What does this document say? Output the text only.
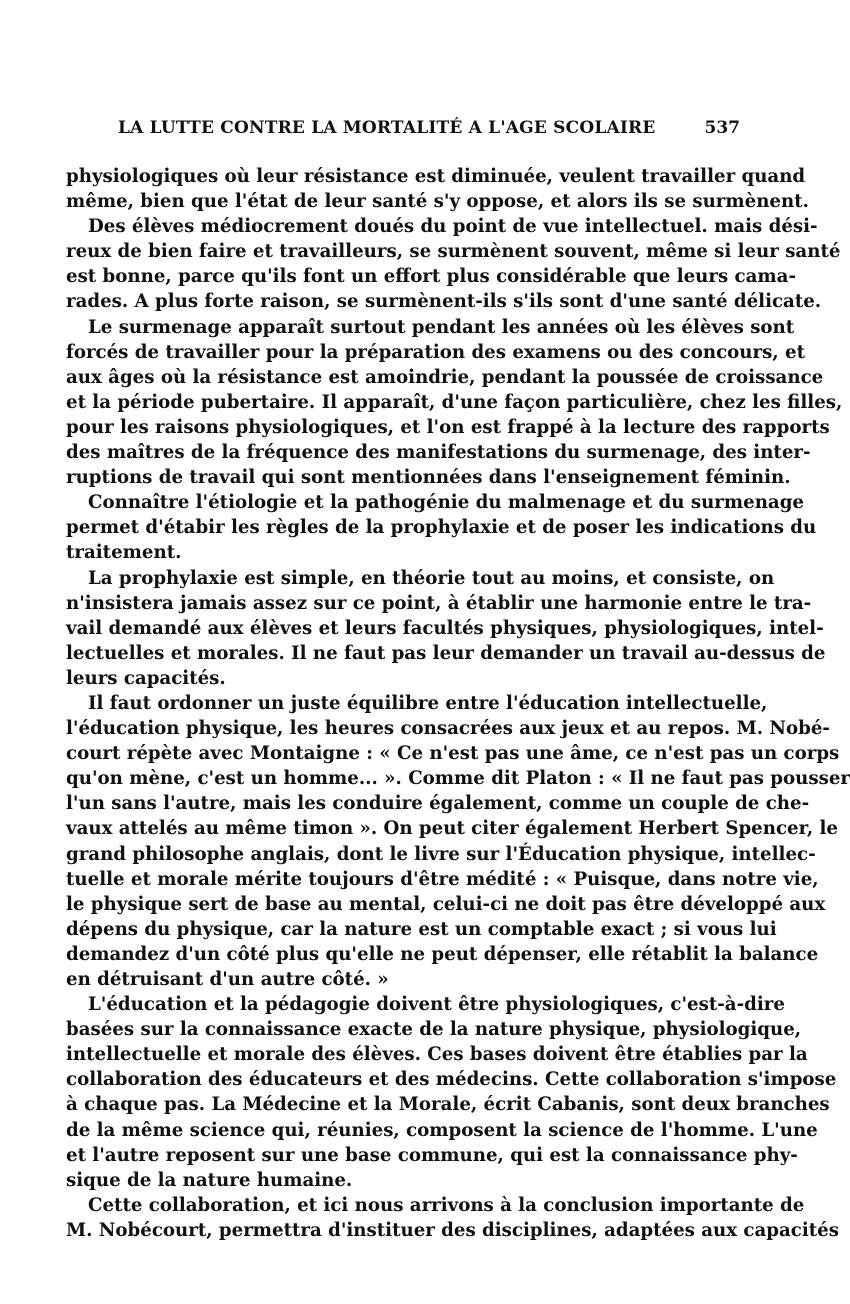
LA LUTTE CONTRE LA MORTALITÉ A L'AGE SCOLAIRE	537
physiologiques où leur résistance est diminuée, veulent travailler quand
même, bien que l'état de leur santé s'y oppose, et alors ils se surmènent.
Des élèves médiocrement doués du point de vue intellectuel. mais dési-
reux de bien faire et travailleurs, se surmènent souvent, même si leur santé
est bonne, parce qu'ils font un effort plus considérable que leurs cama-
rades. A plus forte raison, se surmènent-ils s'ils sont d'une santé délicate.
Le surmenage apparaît surtout pendant les années où les élèves sont
forcés de travailler pour la préparation des examens ou des concours, et
aux âges où la résistance est amoindrie, pendant la poussée de croissance
et la période pubertaire. Il apparaît, d'une façon particulière, chez les filles,
pour les raisons physiologiques, et l'on est frappé à la lecture des rapports
des maîtres de la fréquence des manifestations du surmenage, des inter-
ruptions de travail qui sont mentionnées dans l'enseignement féminin.
Connaître l'étiologie et la pathogénie du malmenage et du surmenage
permet d'étabir les règles de la prophylaxie et de poser les indications du
traitement.
La prophylaxie est simple, en théorie tout au moins, et consiste, on
n'insistera jamais assez sur ce point, à établir une harmonie entre le tra-
vail demandé aux élèves et leurs facultés physiques, physiologiques, intel-
lectuelles et morales. Il ne faut pas leur demander un travail au-dessus de
leurs capacités.
Il faut ordonner un juste équilibre entre l'éducation intellectuelle,
l'éducation physique, les heures consacrées aux jeux et au repos. M. Nobé-
court répète avec Montaigne : « Ce n'est pas une âme, ce n'est pas un corps
qu'on mène, c'est un homme... ». Comme dit Platon : « Il ne faut pas pousser
l'un sans l'autre, mais les conduire également, comme un couple de che-
vaux attelés au même timon ». On peut citer également Herbert Spencer, le
grand philosophe anglais, dont le livre sur l'Éducation physique, intellec-
tuelle et morale mérite toujours d'être médité : « Puisque, dans notre vie,
le physique sert de base au mental, celui-ci ne doit pas être développé aux
dépens du physique, car la nature est un comptable exact ; si vous lui
demandez d'un côté plus qu'elle ne peut dépenser, elle rétablit la balance
en détruisant d'un autre côté. »
L'éducation et la pédagogie doivent être physiologiques, c'est-à-dire
basées sur la connaissance exacte de la nature physique, physiologique,
intellectuelle et morale des élèves. Ces bases doivent être établies par la
collaboration des éducateurs et des médecins. Cette collaboration s'impose
à chaque pas. La Médecine et la Morale, écrit Cabanis, sont deux branches
de la même science qui, réunies, composent la science de l'homme. L'une
et l'autre reposent sur une base commune, qui est la connaissance phy-
sique de la nature humaine.
Cette collaboration, et ici nous arrivons à la conclusion importante de
M. Nobécourt, permettra d'instituer des disciplines, adaptées aux capacités
